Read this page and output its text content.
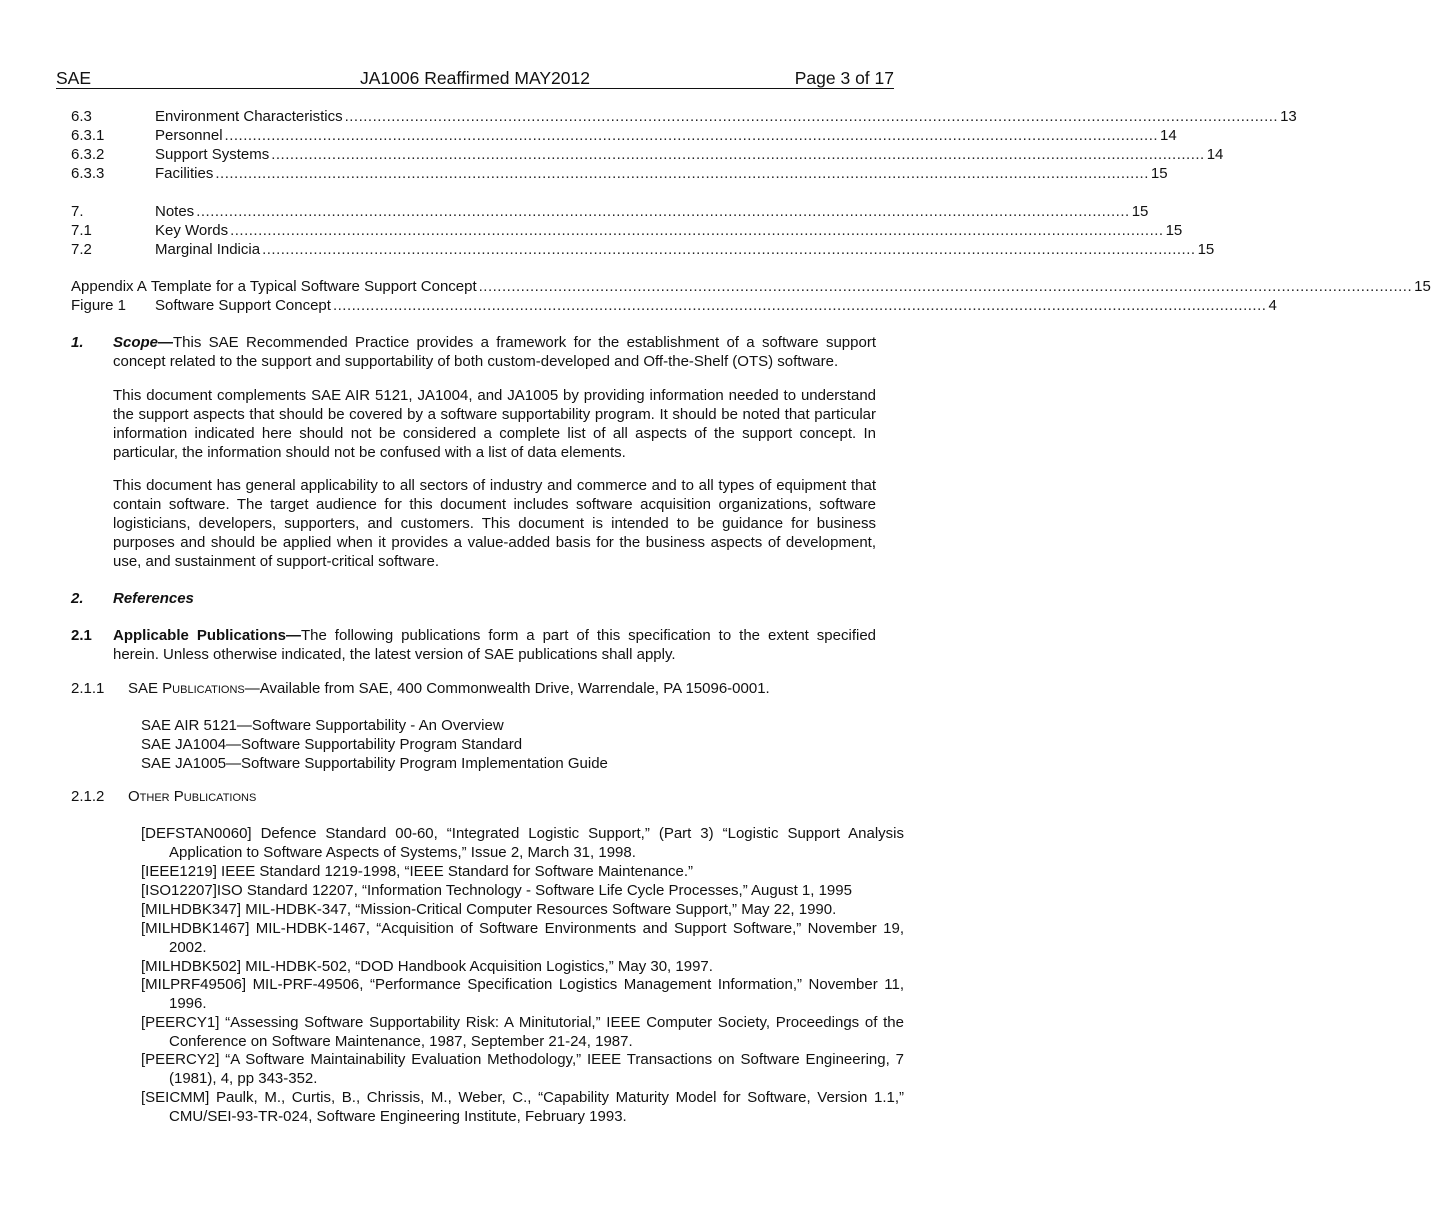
SAE	JA1006 Reaffirmed MAY2012	Page 3 of 17
6.3	Environment Characteristics ........................................................................................................................................................................................................ 13
6.3.1	Personnel ........................................................................................................................................................................................................ 14
6.3.2	Support Systems ........................................................................................................................................................................................................ 14
6.3.3	Facilities ........................................................................................................................................................................................................ 15
7.	Notes ........................................................................................................................................................................................................ 15
7.1	Key Words ........................................................................................................................................................................................................ 15
7.2	Marginal Indicia ........................................................................................................................................................................................................ 15
Appendix A Template for a Typical Software Support Concept ........................................................................................................................................................................................................ 15
Figure 1	Software Support Concept ........................................................................................................................................................................................................ 4
1. Scope—This SAE Recommended Practice provides a framework for the establishment of a software support concept related to the support and supportability of both custom-developed and Off-the-Shelf (OTS) software.
This document complements SAE AIR 5121, JA1004, and JA1005 by providing information needed to understand the support aspects that should be covered by a software supportability program. It should be noted that particular information indicated here should not be considered a complete list of all aspects of the support concept. In particular, the information should not be confused with a list of data elements.
This document has general applicability to all sectors of industry and commerce and to all types of equipment that contain software. The target audience for this document includes software acquisition organizations, software logisticians, developers, supporters, and customers. This document is intended to be guidance for business purposes and should be applied when it provides a value-added basis for the business aspects of development, use, and sustainment of support-critical software.
2. References
2.1 Applicable Publications—The following publications form a part of this specification to the extent specified herein. Unless otherwise indicated, the latest version of SAE publications shall apply.
2.1.1 SAE Publications—Available from SAE, 400 Commonwealth Drive, Warrendale, PA 15096-0001.
SAE AIR 5121—Software Supportability - An Overview
SAE JA1004—Software Supportability Program Standard
SAE JA1005—Software Supportability Program Implementation Guide
2.1.2 Other Publications
[DEFSTAN0060] Defence Standard 00-60, “Integrated Logistic Support,” (Part 3) “Logistic Support Analysis Application to Software Aspects of Systems,” Issue 2, March 31, 1998.
[IEEE1219] IEEE Standard 1219-1998, “IEEE Standard for Software Maintenance.”
[ISO12207]ISO Standard 12207, “Information Technology - Software Life Cycle Processes,” August 1, 1995
[MILHDBK347] MIL-HDBK-347, “Mission-Critical Computer Resources Software Support,” May 22, 1990.
[MILHDBK1467] MIL-HDBK-1467, “Acquisition of Software Environments and Support Software,” November 19, 2002.
[MILHDBK502] MIL-HDBK-502, “DOD Handbook Acquisition Logistics,” May 30, 1997.
[MILPRF49506] MIL-PRF-49506, “Performance Specification Logistics Management Information,” November 11, 1996.
[PEERCY1] “Assessing Software Supportability Risk: A Minitutorial,” IEEE Computer Society, Proceedings of the Conference on Software Maintenance, 1987, September 21-24, 1987.
[PEERCY2] “A Software Maintainability Evaluation Methodology,” IEEE Transactions on Software Engineering, 7 (1981), 4, pp 343-352.
[SEICMM] Paulk, M., Curtis, B., Chrissis, M., Weber, C., “Capability Maturity Model for Software, Version 1.1,” CMU/SEI-93-TR-024, Software Engineering Institute, February 1993.
